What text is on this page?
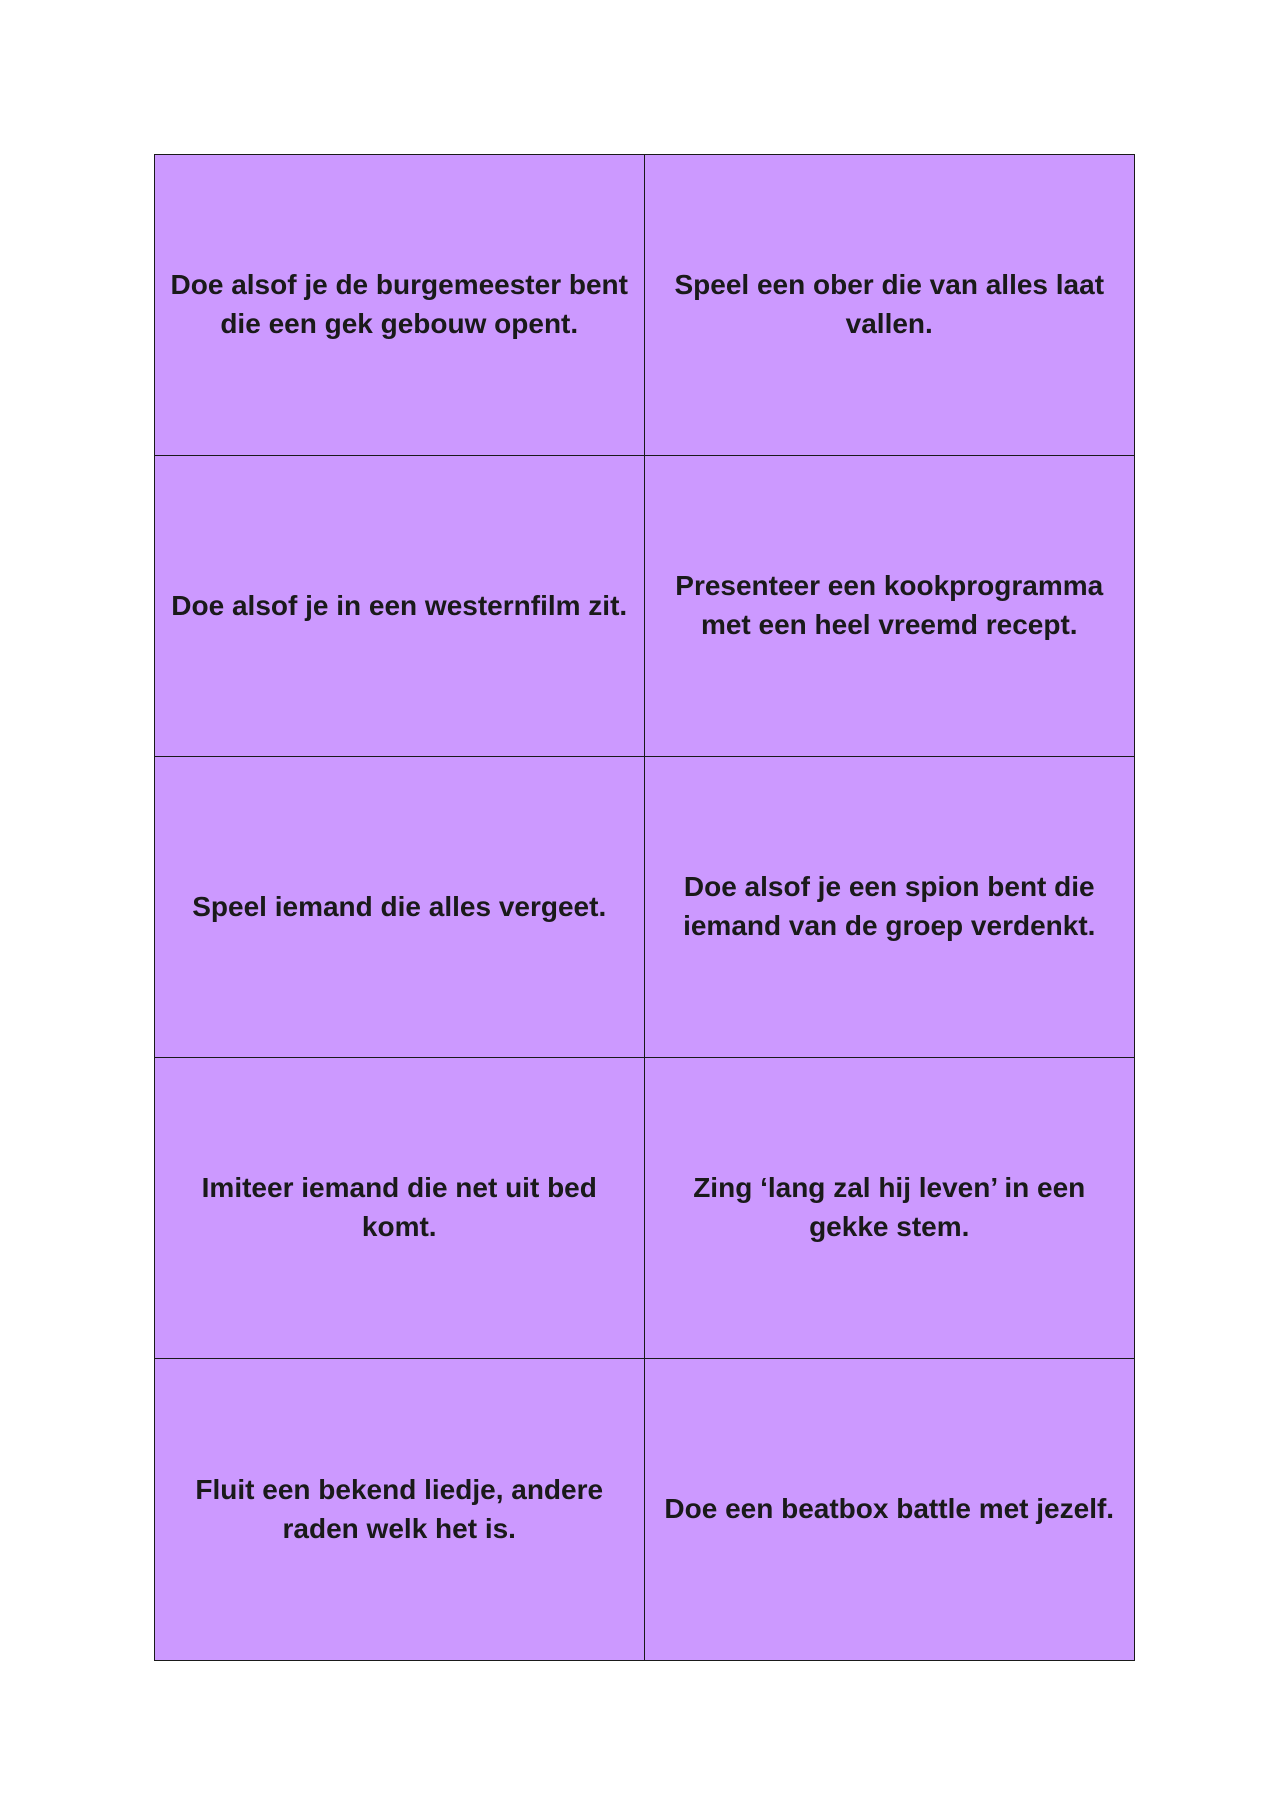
Doe alsof je de burgemeester bent die een gek gebouw opent.
Speel een ober die van alles laat vallen.
Doe alsof je in een westernfilm zit.
Presenteer een kookprogramma met een heel vreemd recept.
Speel iemand die alles vergeet.
Doe alsof je een spion bent die iemand van de groep verdenkt.
Imiteer iemand die net uit bed komt.
Zing ‘lang zal hij leven’ in een gekke stem.
Fluit een bekend liedje, andere raden welk het is.
Doe een beatbox battle met jezelf.
